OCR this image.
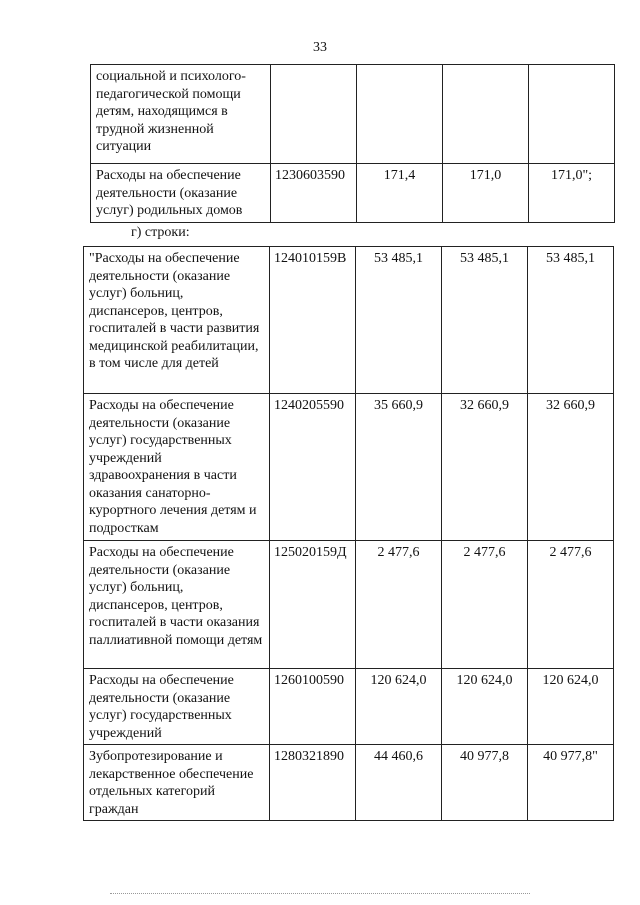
33
социальной и психолого-педагогической помощи детям, находящимся в трудной жизненной ситуации				
Расходы на обеспечение деятельности (оказание услуг) родильных домов	1230603590	171,4	171,0	171,0";
г) строки:
"Расходы на обеспечение деятельности (оказание услуг) больниц, диспансеров, центров, госпиталей в части развития медицинской реабилитации, в том числе для детей	124010159В	53 485,1	53 485,1	53 485,1
Расходы на обеспечение деятельности (оказание услуг) государственных учреждений здравоохранения в части оказания санаторно-курортного лечения детям и подросткам	1240205590	35 660,9	32 660,9	32 660,9
Расходы на обеспечение деятельности (оказание услуг) больниц, диспансеров, центров, госпиталей в части оказания паллиативной помощи детям	125020159Д	2 477,6	2 477,6	2 477,6
Расходы на обеспечение деятельности (оказание услуг) государственных учреждений	1260100590	120 624,0	120 624,0	120 624,0
Зубопротезирование и лекарственное обеспечение отдельных категорий граждан	1280321890	44 460,6	40 977,8	40 977,8"
